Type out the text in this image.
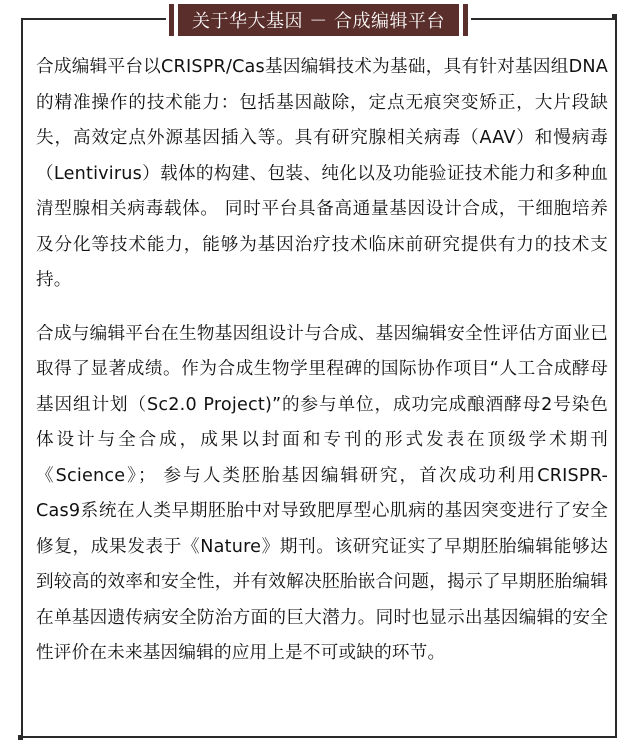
关于华大基因 － 合成编辑平台

合成编辑平台以CRISPR/Cas基因编辑技术为基础，具有针对基因组DNA的精准操作的技术能力：包括基因敲除，定点无痕突变矫正，大片段缺失，高效定点外源基因插入等。具有研究腺相关病毒（AAV）和慢病毒（Lentivirus）载体的构建、包装、纯化以及功能验证技术能力和多种血清型腺相关病毒载体。 同时平台具备高通量基因设计合成，干细胞培养及分化等技术能力，能够为基因治疗技术临床前研究提供有力的技术支持。

合成与编辑平台在生物基因组设计与合成、基因编辑安全性评估方面业已取得了显著成绩。作为合成生物学里程碑的国际协作项目“人工合成酵母基因组计划（Sc2.0 Project)”的参与单位，成功完成酿酒酵母2号染色体设计与全合成，成果以封面和专刊的形式发表在顶级学术期刊《Science》； 参与人类胚胎基因编辑研究，首次成功利用CRISPR-Cas9系统在人类早期胚胎中对导致肥厚型心肌病的基因突变进行了安全修复，成果发表于《Nature》期刊。该研究证实了早期胚胎编辑能够达到较高的效率和安全性，并有效解决胚胎嵌合问题，揭示了早期胚胎编辑在单基因遗传病安全防治方面的巨大潜力。同时也显示出基因编辑的安全性评价在未来基因编辑的应用上是不可或缺的环节。
